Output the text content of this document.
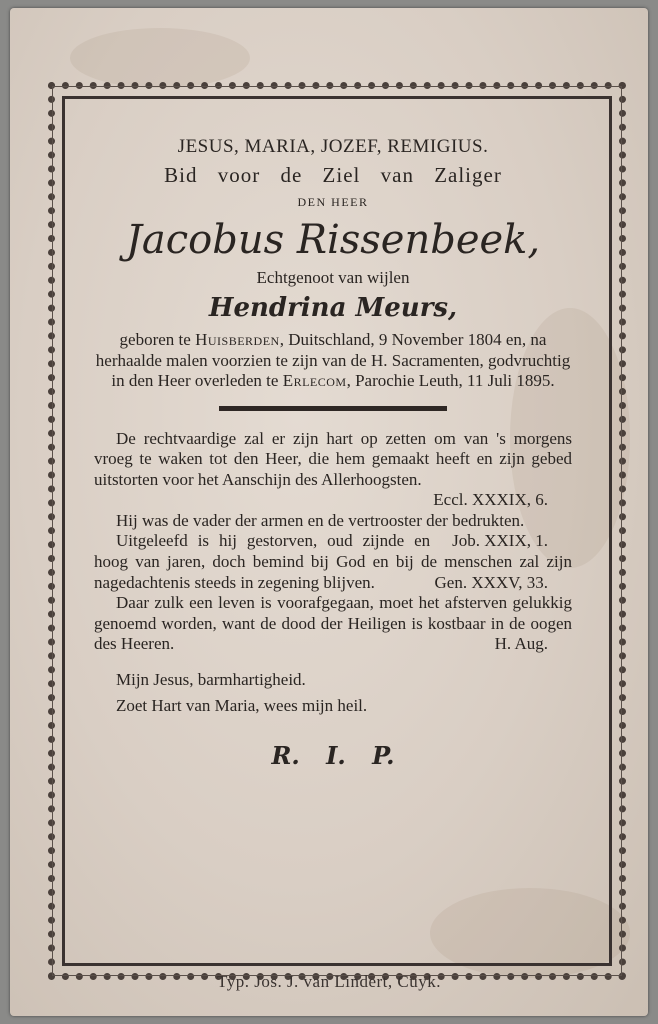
JESUS, MARIA, JOZEF, REMIGIUS.
Bid voor de Ziel van Zaliger
DEN HEER
Jacobus Rissenbeek,
Echtgenoot van wijlen
Hendrina Meurs,
geboren te Huisberden, Duitschland, 9 November 1804 en, na herhaalde malen voorzien te zijn van de H. Sacramenten, godvruchtig in den Heer overleden te Erlecom, Parochie Leuth, 11 Juli 1895.
De rechtvaardige zal er zijn hart op zetten om van 's morgens vroeg te waken tot den Heer, die hem gemaakt heeft en zijn gebed uitstorten voor het Aanschijn des Allerhoogsten.
Eccl. XXXIX, 6.
Hij was de vader der armen en de vertrooster der bedrukten.
Job. XXIX, 1.
Uitgeleefd is hij gestorven, oud zijnde en hoog van jaren, doch bemind bij God en bij de menschen zal zijn nagedachtenis steeds in zegening blijven.	Gen. XXXV, 33.
Daar zulk een leven is voorafgegaan, moet het afsterven gelukkig genoemd worden, want de dood der Heiligen is kostbaar in de oogen des Heeren.	H. Aug.
Mijn Jesus, barmhartigheid.
Zoet Hart van Maria, wees mijn heil.
R. I. P.
Typ. Jos. J. van Lindert, Cuyk.
